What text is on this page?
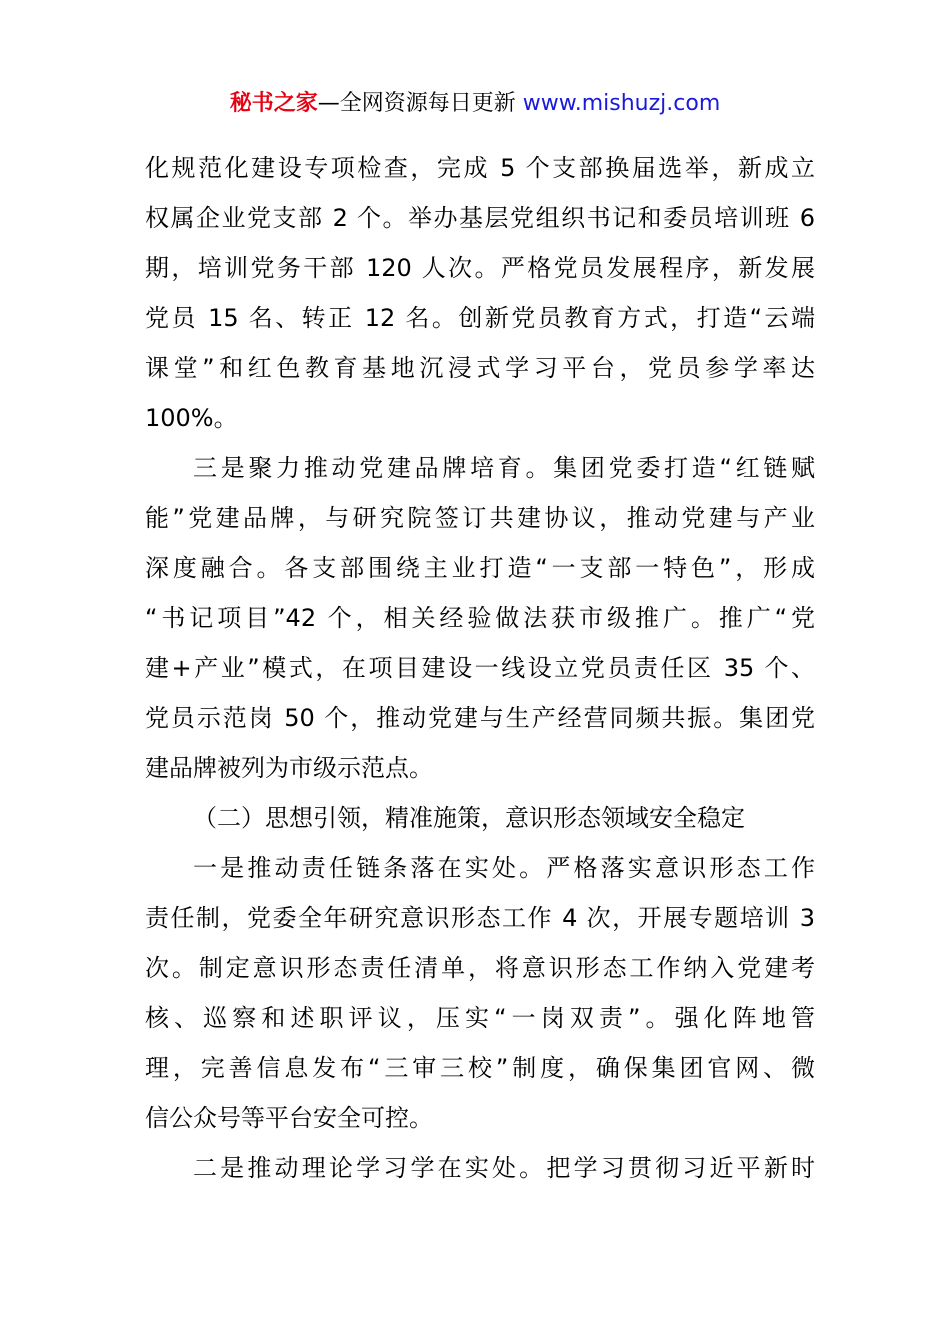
秘书之家—全网资源每日更新 www.mishuzj.com
化规范化建设专项检查，完成 5 个支部换届选举，新成立
权属企业党支部 2 个。举办基层党组织书记和委员培训班 6
期，培训党务干部 120 人次。严格党员发展程序，新发展
党员 15 名、转正 12 名。创新党员教育方式，打造“云端
课堂”和红色教育基地沉浸式学习平台，党员参学率达
100%。
三是聚力推动党建品牌培育。集团党委打造“红链赋
能”党建品牌，与研究院签订共建协议，推动党建与产业
深度融合。各支部围绕主业打造“一支部一特色”，形成
“书记项目”42 个，相关经验做法获市级推广。推广“党
建+产业”模式，在项目建设一线设立党员责任区 35 个、
党员示范岗 50 个，推动党建与生产经营同频共振。集团党
建品牌被列为市级示范点。
（二）思想引领，精准施策，意识形态领域安全稳定
一是推动责任链条落在实处。严格落实意识形态工作
责任制，党委全年研究意识形态工作 4 次，开展专题培训 3
次。制定意识形态责任清单，将意识形态工作纳入党建考
核、巡察和述职评议，压实“一岗双责”。强化阵地管
理，完善信息发布“三审三校”制度，确保集团官网、微
信公众号等平台安全可控。
二是推动理论学习学在实处。把学习贯彻习近平新时
